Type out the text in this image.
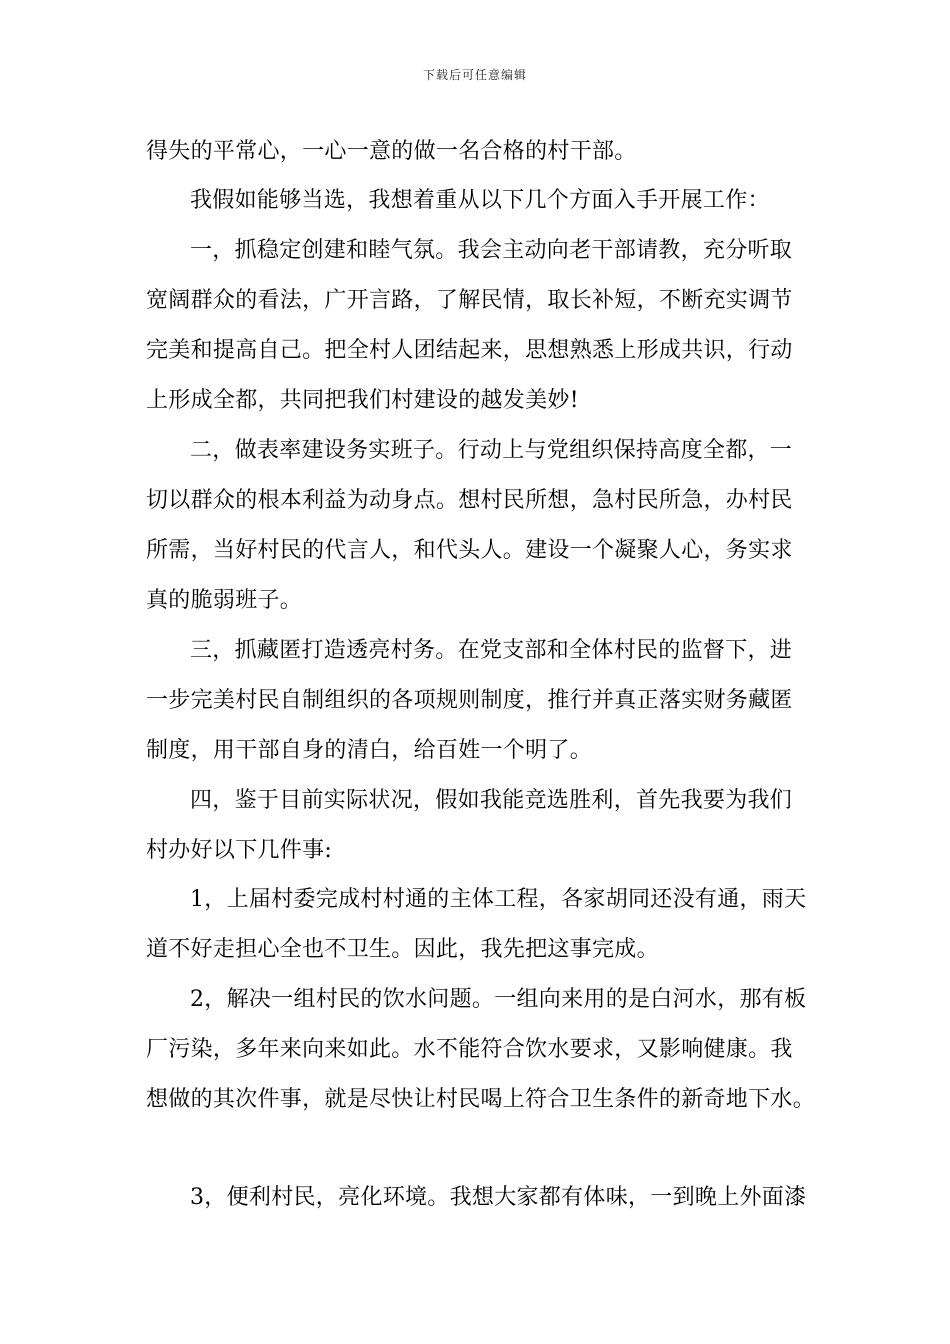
下载后可任意编辑
得失的平常心，一心一意的做一名合格的村干部。
我假如能够当选，我想着重从以下几个方面入手开展工作：
一，抓稳定创建和睦气氛。我会主动向老干部请教，充分听取
宽阔群众的看法，广开言路，了解民情，取长补短，不断充实调节
完美和提高自己。把全村人团结起来，思想熟悉上形成共识，行动
上形成全都，共同把我们村建设的越发美妙!
二，做表率建设务实班子。行动上与党组织保持高度全都，一
切以群众的根本利益为动身点。想村民所想，急村民所急，办村民
所需，当好村民的代言人，和代头人。建设一个凝聚人心，务实求
真的脆弱班子。
三，抓藏匿打造透亮村务。在党支部和全体村民的监督下，进
一步完美村民自制组织的各项规则制度，推行并真正落实财务藏匿
制度，用干部自身的清白，给百姓一个明了。
四，鉴于目前实际状况，假如我能竞选胜利，首先我要为我们
村办好以下几件事:
1，上届村委完成村村通的主体工程，各家胡同还没有通，雨天
道不好走担心全也不卫生。因此，我先把这事完成。
2，解决一组村民的饮水问题。一组向来用的是白河水，那有板
厂污染，多年来向来如此。水不能符合饮水要求，又影响健康。我
想做的其次件事，就是尽快让村民喝上符合卫生条件的新奇地下水。
3，便利村民，亮化环境。我想大家都有体味，一到晚上外面漆
